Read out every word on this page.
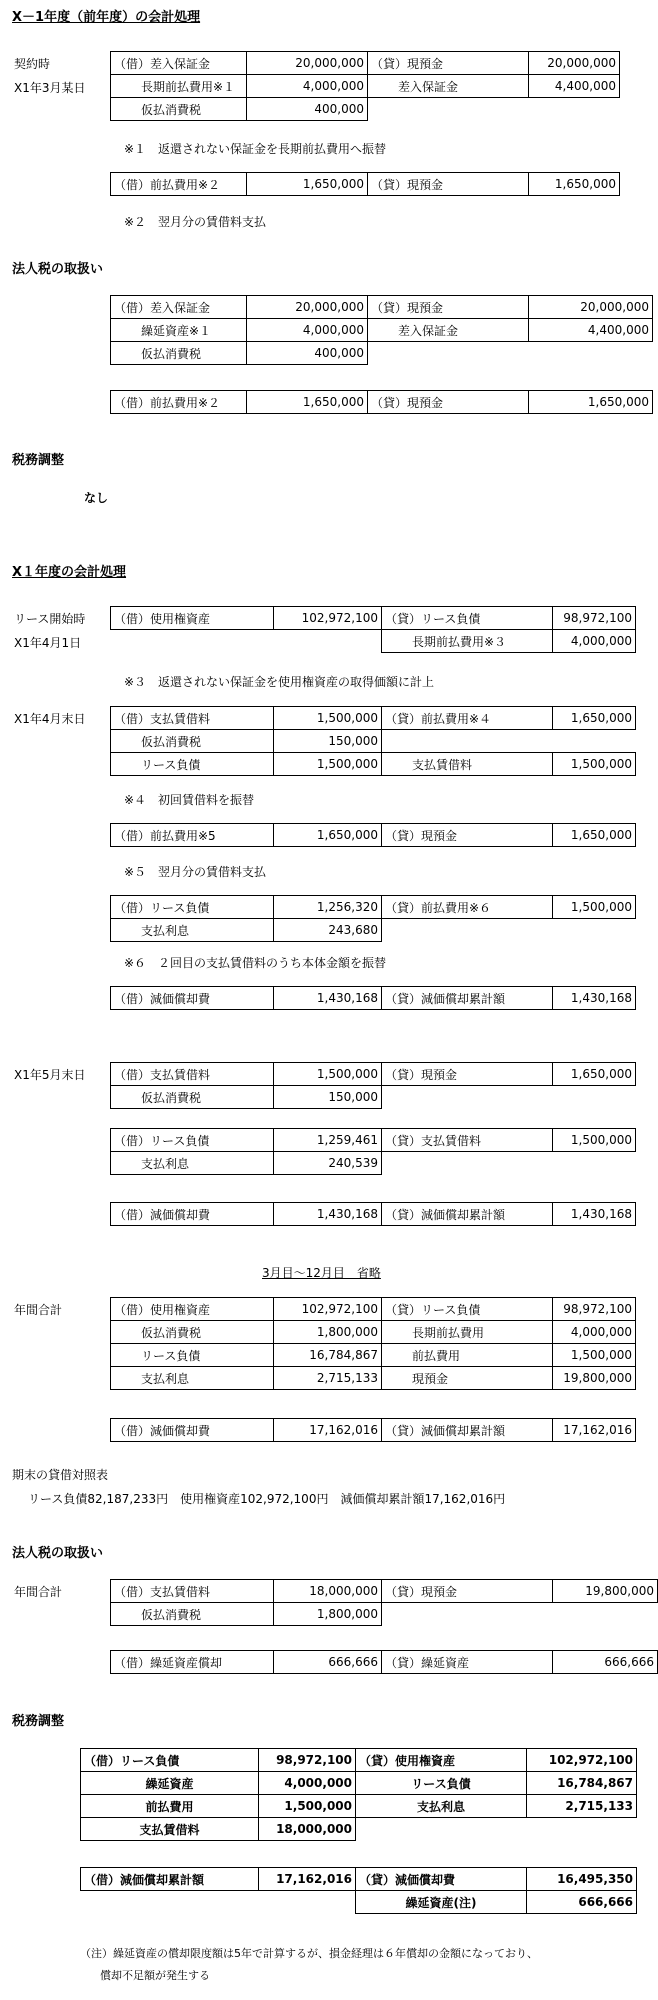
X－1年度（前年度）の会計処理
契約時
X1年3月某日
（借）差入保証金	20,000,000	（貸）現預金	20,000,000
長期前払費用※１	4,000,000	差入保証金	4,400,000
仮払消費税	400,000		
※１　返還されない保証金を長期前払費用へ振替
（借）前払費用※２	1,650,000	（貸）現預金	1,650,000
※２　翌月分の賃借料支払
法人税の取扱い
（借）差入保証金	20,000,000	（貸）現預金	20,000,000
繰延資産※１	4,000,000	差入保証金	4,400,000
仮払消費税	400,000		
（借）前払費用※２	1,650,000	（貸）現預金	1,650,000
税務調整
なし
X１年度の会計処理
リース開始時
X1年4月1日
（借）使用権資産	102,972,100	（貸）リース負債	98,972,100
		長期前払費用※３	4,000,000
※３　返還されない保証金を使用権資産の取得価額に計上
X1年4月末日 （借）支払賃借料	1,500,000	（貸）前払費用※４	1,650,000
仮払消費税	150,000		
リース負債	1,500,000	支払賃借料	1,500,000
※４　初回賃借料を振替
（借）前払費用※5	1,650,000	（貸）現預金	1,650,000
※５　翌月分の賃借料支払
（借）リース負債	1,256,320	（貸）前払費用※６	1,500,000
支払利息	243,680		
※６　２回目の支払賃借料のうち本体金額を振替
（借）減価償却費	1,430,168	（貸）減価償却累計額	1,430,168
X1年5月末日 （借）支払賃借料	1,500,000	（貸）現預金	1,650,000
仮払消費税	150,000		
（借）リース負債	1,259,461	（貸）支払賃借料	1,500,000
支払利息	240,539		
（借）減価償却費	1,430,168	（貸）減価償却累計額	1,430,168
3月目～12月目　省略
年間合計	（借）使用権資産	102,972,100	（貸）リース負債	98,972,100
仮払消費税	1,800,000	長期前払費用	4,000,000
リース負債	16,784,867	前払費用	1,500,000
支払利息	2,715,133	現預金	19,800,000
（借）減価償却費	17,162,016	（貸）減価償却累計額	17,162,016
期末の貸借対照表
リース負債82,187,233円　使用権資産102,972,100円　減価償却累計額17,162,016円
法人税の取扱い
年間合計	（借）支払賃借料	18,000,000	（貸）現預金	19,800,000
仮払消費税	1,800,000		
（借）繰延資産償却	666,666	（貸）繰延資産	666,666
税務調整
（借）リース負債	98,972,100	（貸）使用権資産	102,972,100
繰延資産	4,000,000	リース負債	16,784,867
前払費用	1,500,000	支払利息	2,715,133
支払賃借料	18,000,000		
（借）減価償却累計額	17,162,016	（貸）減価償却費	16,495,350
		繰延資産(注)	666,666
（注）繰延資産の償却限度額は5年で計算するが、損金経理は６年償却の金額になっており、
償却不足額が発生する
